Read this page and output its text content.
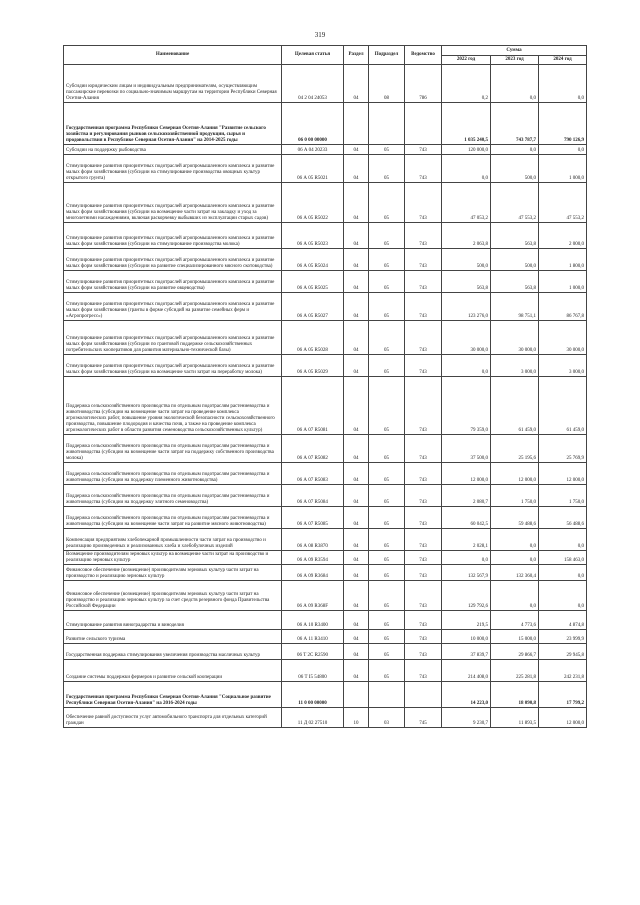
319
Наименование	Целевая статья	Раздел	Подраздел	Ведомство	Сумма		
					2022 год	2023 год	2024 год
Субсидии юридическим лицам и индивидуальным предпринимателям, осуществляющим пассажирские перевозки по социально-значимым маршрутам на территории Республики Северная Осетия-Алания	04 2 04 24053	04	08	786	0,2	0,0	0,0
Государственная программа Республики Северная Осетия-Алания "Развитие сельского хозяйства и регулирования рынков сельскохозяйственной продукции, сырья и продовольствия в Республике Северная Осетия-Алания" на 2014-2025 годы	06 0 00 00000				1 035 240,5	743 787,7	790 126,9
Субсидии на поддержку рыбоводства	06 А 04 20233	04	05	743	120 000,0	0,0	0,0
Стимулирование развития приоритетных подотраслей агропромышленного комплекса и развитие малых форм хозяйствования (субсидии на стимулирование производства овощных культур открытого грунта)	06 А 05 R5021	04	05	743	0,0	500,0	1 000,0
Стимулирование развития приоритетных подотраслей агропромышленного комплекса и развитие малых форм хозяйствования (субсидии на возмещение части затрат на закладку и уход за многолетними насаждениями, включая раскорчевку выбывших из эксплуатации старых садов)	06 А 05 R5022	04	05	743	47 053,2	47 553,2	47 553,2
Стимулирование развития приоритетных подотраслей агропромышленного комплекса и развитие малых форм хозяйствования (субсидии на стимулирование производства молока)	06 А 05 R5023	04	05	743	2 063,8	563,8	2 000,0
Стимулирование развития приоритетных подотраслей агропромышленного комплекса и развитие малых форм хозяйствования (субсидии на развитие специализированного мясного скотоводства)	06 А 05 R5024	04	05	743	500,0	500,0	1 800,0
Стимулирование развития приоритетных подотраслей агропромышленного комплекса и развитие малых форм хозяйствования (субсидии на развитие овцеводства)	06 А 05 R5025	04	05	743	563,8	563,8	1 000,0
Стимулирование развития приоритетных подотраслей агропромышленного комплекса и развитие малых форм хозяйствования (гранты в форме субсидий на развитие семейных ферм и «Агропрогресс»)	06 А 05 R5027	04	05	743	123 276,0	98 751,1	86 767,8
Стимулирование развития приоритетных подотраслей агропромышленного комплекса и развитие малых форм хозяйствования (субсидии по грантовой поддержке сельскохозяйственных потребительских кооперативов для развития материально-технической базы)	06 А 05 R5028	04	05	743	30 000,0	30 000,0	30 000,0
Стимулирование развития приоритетных подотраслей агропромышленного комплекса и развитие малых форм хозяйствования (субсидии на возмещение части затрат на переработку молока)	06 А 05 R5029	04	05	743	0,0	3 000,0	3 000,0
Поддержка сельскохозяйственного производства по отдельным подотраслям растениеводства и животноводства (субсидии на возмещение части затрат на проведение комплекса агроэкологических работ, повышение уровня экологической безопасности сельскохозяйственного производства, повышение плодородия и качества почв, а также на проведение комплекса агроэкологических работ в области развития семеноводства сельскохозяйственных культур)	06 А 07 R5081	04	05	743	79 359,0	61 459,0	61 459,0
Поддержка сельскохозяйственного производства по отдельным подотраслям растениеводства и животноводства (субсидии на возмещение части затрат на поддержку собственного производства молока)	06 А 07 R5082	04	05	743	37 500,0	25 195,6	25 769,9
Поддержка сельскохозяйственного производства по отдельным подотраслям растениеводства и животноводства (субсидии на поддержку племенного животноводства)	06 А 07 R5083	04	05	743	12 000,0	12 000,0	12 000,0
Поддержка сельскохозяйственного производства по отдельным подотраслям растениеводства и животноводства (субсидии на поддержку элитного семеноводства)	06 А 07 R5084	04	05	743	2 080,7	1 750,0	1 750,0
Поддержка сельскохозяйственного производства по отдельным подотраслям растениеводства и животноводства (субсидии на возмещение части затрат на развитие мясного животноводства)	06 А 07 R5085	04	05	743	60 042,5	59 488,6	56 488,6
Компенсация предприятиям хлебопекарной промышленности части затрат на производство и реализацию произведенных и реализованных хлеба и хлебобулочных изделий	06 А 08 R3870	04	05	743	2 028,1	0,0	0,0
Возмещение производителям зерновых культур на возмещение части затрат на производство и реализацию зерновых культур	06 А 09 R3594	04	05	743	0,0	0,0	158 463,0
Финансовое обеспечение (возмещение) производителям зерновых культур части затрат на производство и реализацию зерновых культур	06 А 09 R3684	04	05	743	132 567,9	132 360,4	0,0
Финансовое обеспечение (возмещение) производителям зерновых культур части затрат на производство и реализацию зерновых культур за счет средств резервного фонда Правительства Российской Федерации	06 А 09 R368F	04	05	743	129 792,6	0,0	0,0
Стимулирование развития виноградарства и виноделия	06 А 10 R3400	04	05	743	219,5	4 773,6	4 874,8
Развитие сельского туризма	06 А 11 R3410	04	05	743	10 000,0	15 000,0	23 999,9
Государственная поддержка стимулирования увеличения производства масличных культур	06 Т 2С R2590	04	05	743	37 839,7	29 866,7	29 945,8
Создание системы поддержки фермеров и развитие сельской кооперации	06 Т I5 54800	04	05	743	214 408,0	225 281,8	242 231,8
Государственная программа Республики Северная Осетия-Алания "Социальное развитие Республики Северная Осетия-Алания" на 2016-2024 годы	11 0 00 00000				14 223,0	18 090,8	17 799,2
Обеспечение равной доступности услуг автомобильного транспорта для отдельных категорий граждан	11 Д 02 27510	10	03	745	9 230,7	11 893,5	12 000,0
